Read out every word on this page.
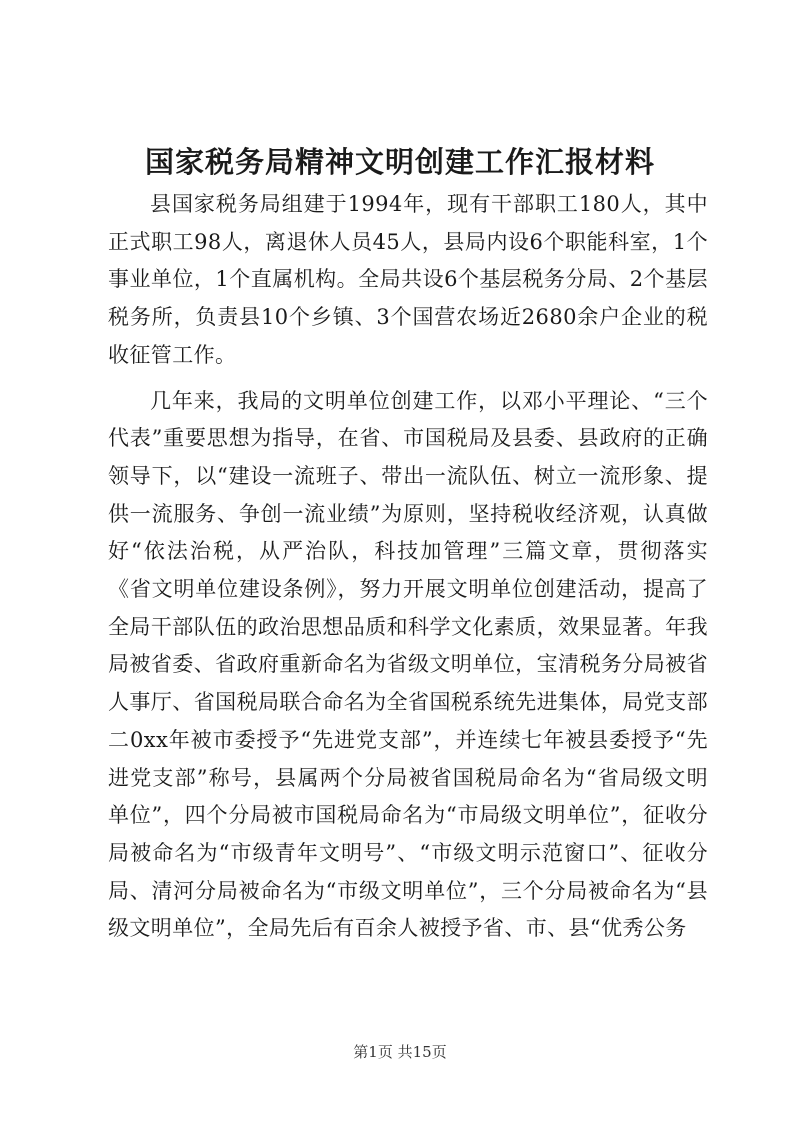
国家税务局精神文明创建工作汇报材料

县国家税务局组建于1994年，现有干部职工180人，其中正式职工98人，离退休人员45人，县局内设6个职能科室，1个事业单位，1个直属机构。全局共设6个基层税务分局、2个基层税务所，负责县10个乡镇、3个国营农场近2680余户企业的税收征管工作。

几年来，我局的文明单位创建工作，以邓小平理论、“三个代表”重要思想为指导，在省、市国税局及县委、县政府的正确领导下，以“建设一流班子、带出一流队伍、树立一流形象、提供一流服务、争创一流业绩”为原则，坚持税收经济观，认真做好“依法治税，从严治队，科技加管理”三篇文章，贯彻落实《省文明单位建设条例》，努力开展文明单位创建活动，提高了全局干部队伍的政治思想品质和科学文化素质，效果显著。年我局被省委、省政府重新命名为省级文明单位，宝清税务分局被省人事厅、省国税局联合命名为全省国税系统先进集体，局党支部二0xx年被市委授予“先进党支部”，并连续七年被县委授予“先进党支部”称号，县属两个分局被省国税局命名为“省局级文明单位”，四个分局被市国税局命名为“市局级文明单位”，征收分局被命名为“市级青年文明号”、“市级文明示范窗口”、征收分局、清河分局被命名为“市级文明单位”，三个分局被命名为“县级文明单位”，全局先后有百余人被授予省、市、县“优秀公务

第1页 共15页
